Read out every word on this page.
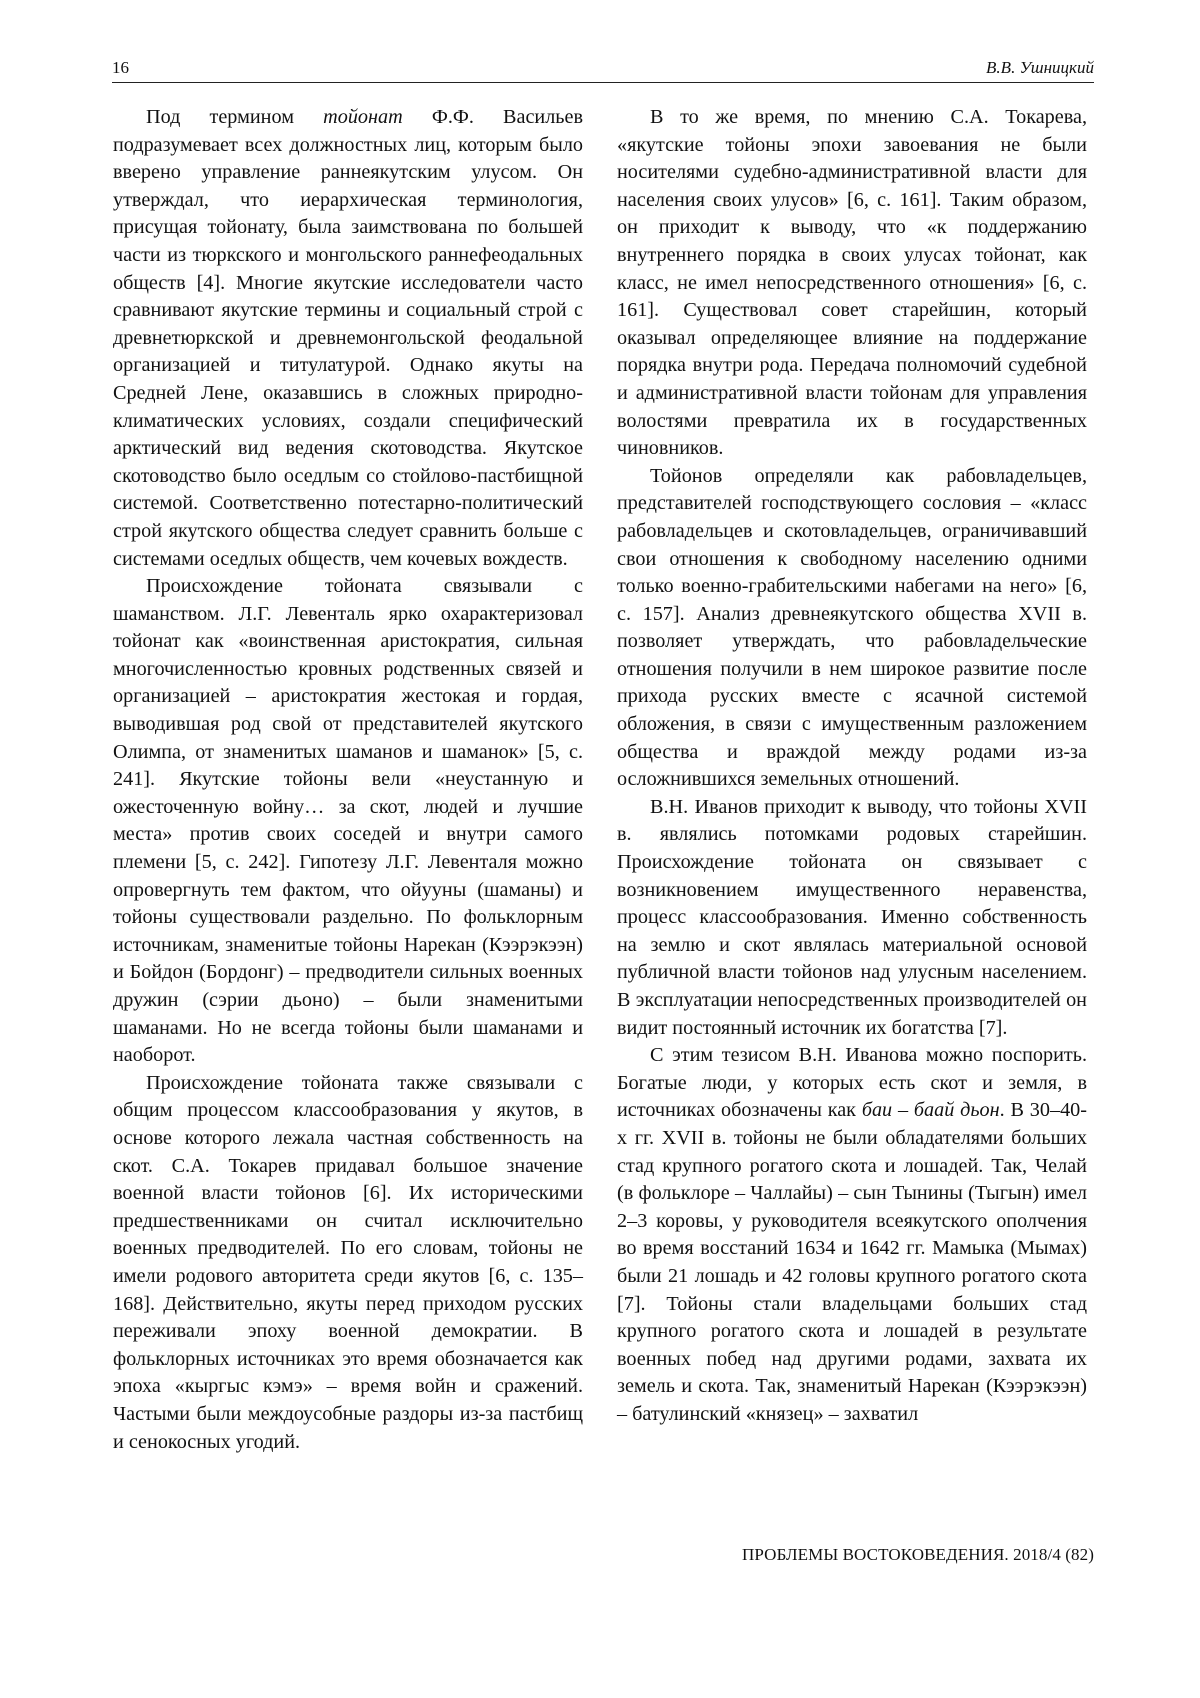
16	В.В. Ушницкий

Под термином тойонат Ф.Ф. Васильев подразумевает всех должностных лиц, которым было вверено управление раннеякутским улусом. Он утверждал, что иерархическая терминология, присущая тойонату, была заимствована по большей части из тюркского и монгольского раннефеодальных обществ [4]. Многие якутские исследователи часто сравнивают якутские термины и социальный строй с древнетюркской и древнемонгольской феодальной организацией и титулатурой. Однако якуты на Средней Лене, оказавшись в сложных природно-климатических условиях, создали специфический арктический вид ведения скотоводства. Якутское скотоводство было оседлым со стойлово-пастбищной системой. Соответственно потестарно-политический строй якутского общества следует сравнить больше с системами оседлых обществ, чем кочевых вождеств.

Происхождение тойоната связывали с шаманством. Л.Г. Левенталь ярко охарактеризовал тойонат как «воинственная аристократия, сильная многочисленностью кровных родственных связей и организацией – аристократия жестокая и гордая, выводившая род свой от представителей якутского Олимпа, от знаменитых шаманов и шаманок» [5, с. 241]. Якутские тойоны вели «неустанную и ожесточенную войну… за скот, людей и лучшие места» против своих соседей и внутри самого племени [5, с. 242]. Гипотезу Л.Г. Левенталя можно опровергнуть тем фактом, что ойууны (шаманы) и тойоны существовали раздельно. По фольклорным источникам, знаменитые тойоны Нарекан (Кээрэкээн) и Бойдон (Бордонг) – предводители сильных военных дружин (сэрии дьоно) – были знаменитыми шаманами. Но не всегда тойоны были шаманами и наоборот.

Происхождение тойоната также связывали с общим процессом классообразования у якутов, в основе которого лежала частная собственность на скот. С.А. Токарев придавал большое значение военной власти тойонов [6]. Их историческими предшественниками он считал исключительно военных предводителей. По его словам, тойоны не имели родового авторитета среди якутов [6, с. 135–168]. Действительно, якуты перед приходом русских переживали эпоху военной демократии. В фольклорных источниках это время обозначается как эпоха «кыргыс кэмэ» – время войн и сражений. Частыми были междоусобные раздоры из-за пастбищ и сенокосных угодий.

В то же время, по мнению С.А. Токарева, «якутские тойоны эпохи завоевания не были носителями судебно-административной власти для населения своих улусов» [6, с. 161]. Таким образом, он приходит к выводу, что «к поддержанию внутреннего порядка в своих улусах тойонат, как класс, не имел непосредственного отношения» [6, с. 161]. Существовал совет старейшин, который оказывал определяющее влияние на поддержание порядка внутри рода. Передача полномочий судебной и административной власти тойонам для управления волостями превратила их в государственных чиновников.

Тойонов определяли как рабовладельцев, представителей господствующего сословия – «класс рабовладельцев и скотовладельцев, ограничивавший свои отношения к свободному населению одними только военно-грабительскими набегами на него» [6, с. 157]. Анализ древнеякутского общества XVII в. позволяет утверждать, что рабовладельческие отношения получили в нем широкое развитие после прихода русских вместе с ясачной системой обложения, в связи с имущественным разложением общества и враждой между родами из-за осложнившихся земельных отношений.

В.Н. Иванов приходит к выводу, что тойоны XVII в. являлись потомками родовых старейшин. Происхождение тойоната он связывает с возникновением имущественного неравенства, процесс классообразования. Именно собственность на землю и скот являлась материальной основой публичной власти тойонов над улусным населением. В эксплуатации непосредственных производителей он видит постоянный источник их богатства [7].

С этим тезисом В.Н. Иванова можно поспорить. Богатые люди, у которых есть скот и земля, в источниках обозначены как баи – баай дьон. В 30–40-х гг. XVII в. тойоны не были обладателями больших стад крупного рогатого скота и лошадей. Так, Челай (в фольклоре – Чаллайы) – сын Тынины (Тыгын) имел 2–3 коровы, у руководителя всеякутского ополчения во время восстаний 1634 и 1642 гг. Мамыка (Мымах) были 21 лошадь и 42 головы крупного рогатого скота [7]. Тойоны стали владельцами больших стад крупного рогатого скота и лошадей в результате военных побед над другими родами, захвата их земель и скота. Так, знаменитый Нарекан (Кээрэкээн) – батулинский «князец» – захватил

ПРОБЛЕМЫ ВОСТОКОВЕДЕНИЯ. 2018/4 (82)
